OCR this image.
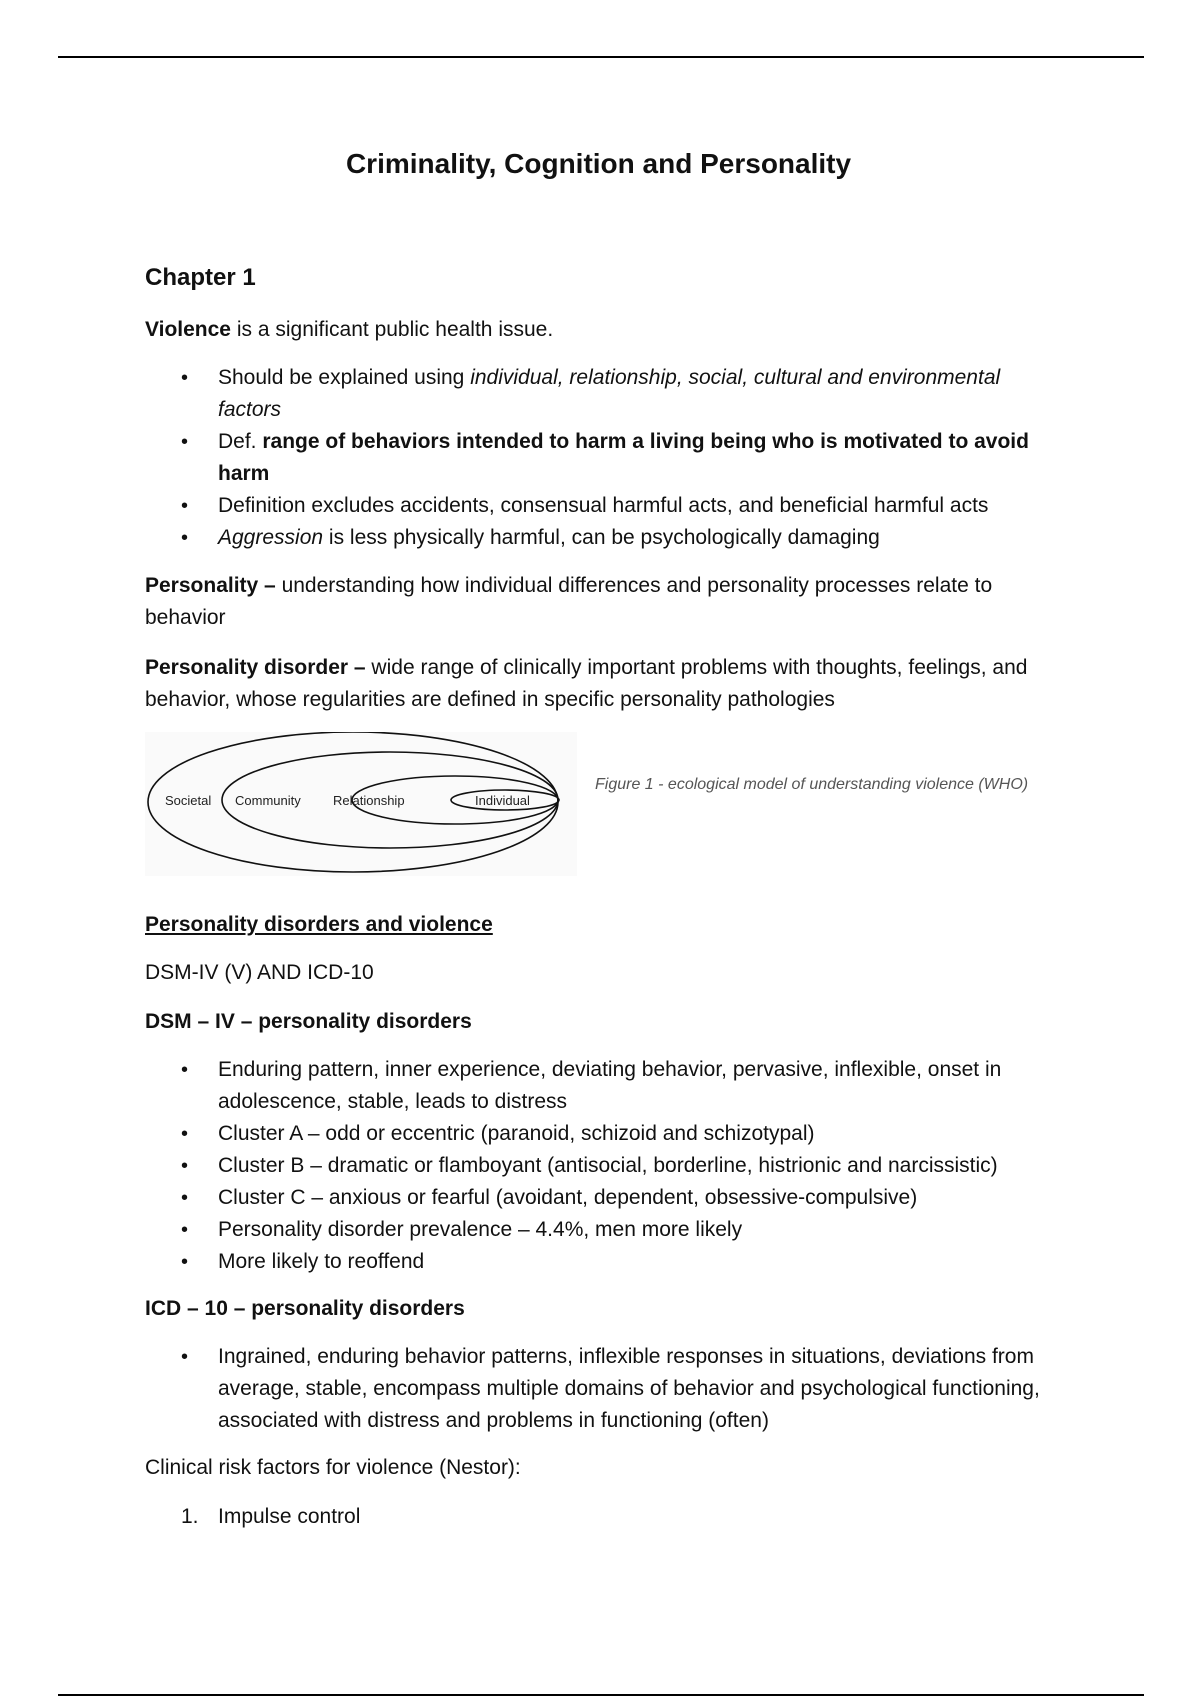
Criminality, Cognition and Personality
Chapter 1
Violence is a significant public health issue.
• Should be explained using individual, relationship, social, cultural and environmental factors
• Def. range of behaviors intended to harm a living being who is motivated to avoid harm
• Definition excludes accidents, consensual harmful acts, and beneficial harmful acts
• Aggression is less physically harmful, can be psychologically damaging
Personality – understanding how individual differences and personality processes relate to behavior
Personality disorder – wide range of clinically important problems with thoughts, feelings, and behavior, whose regularities are defined in specific personality pathologies
Societal Community Relationship	Individual
Figure 1 - ecological model of understanding violence (WHO)
Personality disorders and violence
DSM-IV (V) AND ICD-10
DSM – IV – personality disorders
• Enduring pattern, inner experience, deviating behavior, pervasive, inflexible, onset in adolescence, stable, leads to distress
• Cluster A – odd or eccentric (paranoid, schizoid and schizotypal)
• Cluster B – dramatic or flamboyant (antisocial, borderline, histrionic and narcissistic)
• Cluster C – anxious or fearful (avoidant, dependent, obsessive-compulsive)
• Personality disorder prevalence – 4.4%, men more likely
• More likely to reoffend
ICD – 10 – personality disorders
• Ingrained, enduring behavior patterns, inflexible responses in situations, deviations from average, stable, encompass multiple domains of behavior and psychological functioning, associated with distress and problems in functioning (often)
Clinical risk factors for violence (Nestor):
1. Impulse control
